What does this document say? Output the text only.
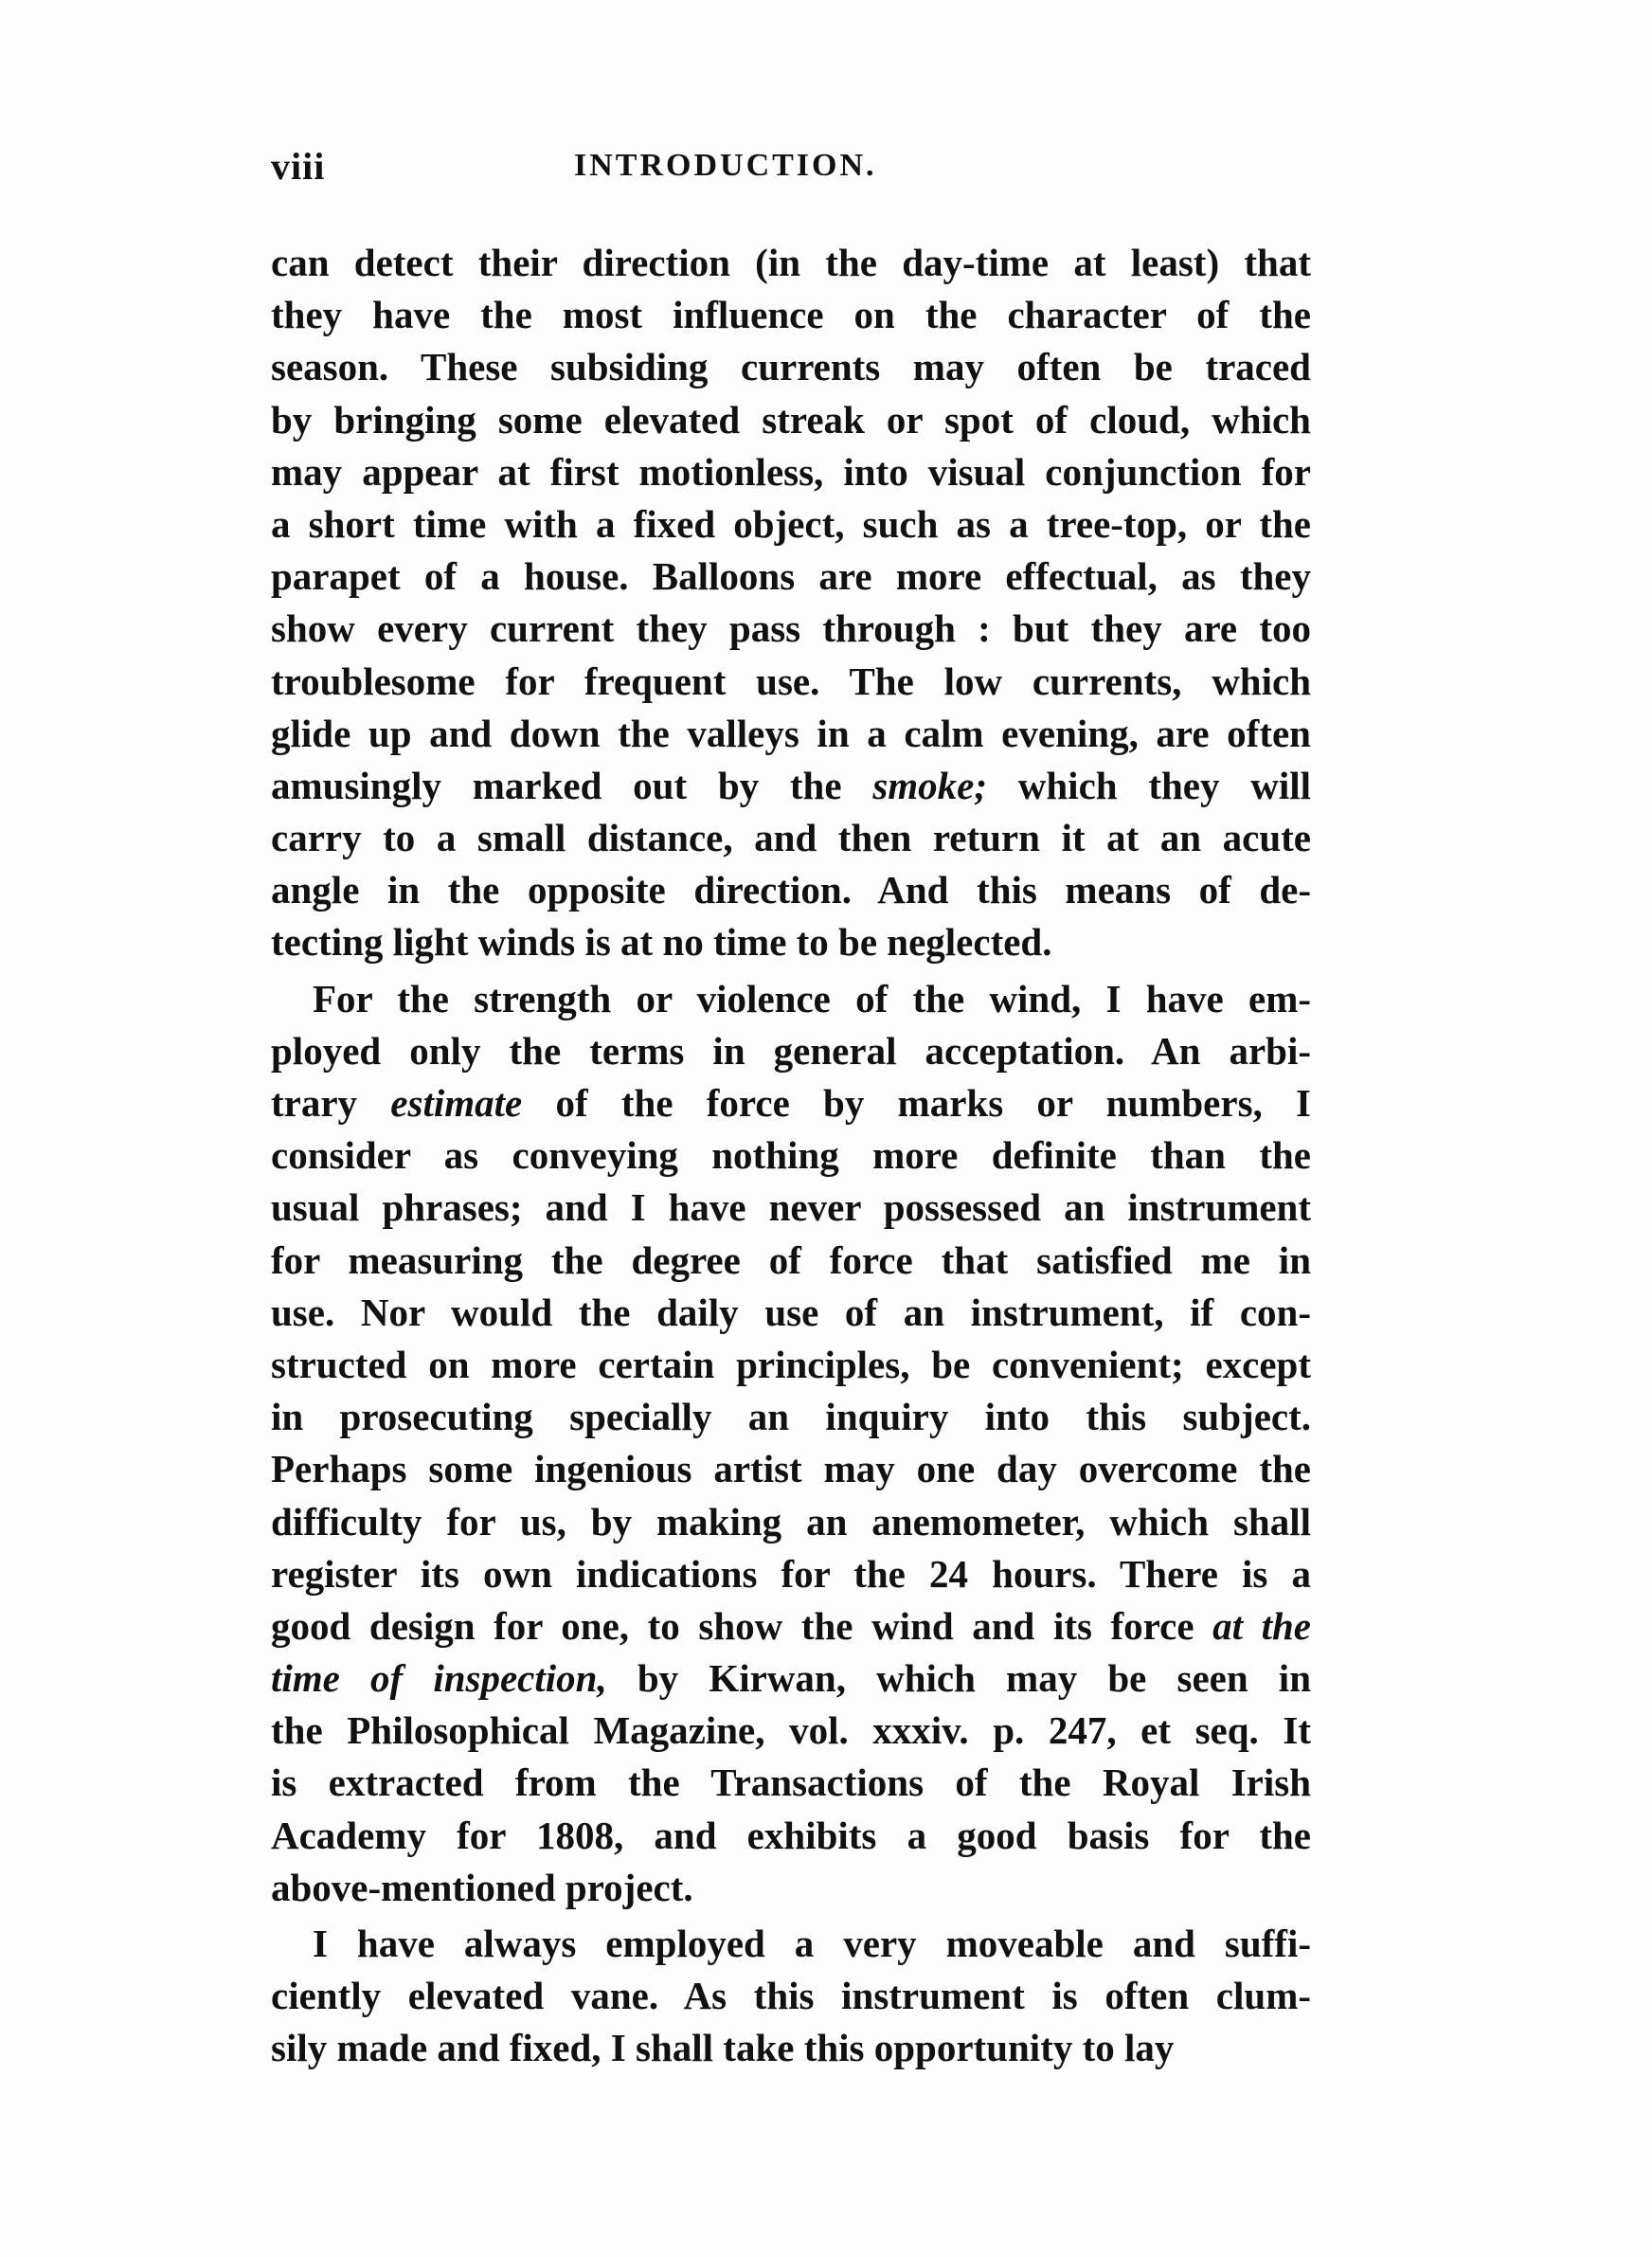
viii	INTRODUCTION.
can detect their direction (in the day-time at least) that
they have the most influence on the character of the
season. These subsiding currents may often be traced
by bringing some elevated streak or spot of cloud, which
may appear at first motionless, into visual conjunction for
a short time with a fixed object, such as a tree-top, or the
parapet of a house. Balloons are more effectual, as they
show every current they pass through : but they are too
troublesome for frequent use. The low currents, which
glide up and down the valleys in a calm evening, are often
amusingly marked out by the smoke; which they will
carry to a small distance, and then return it at an acute
angle in the opposite direction. And this means of de-
tecting light winds is at no time to be neglected.
For the strength or violence of the wind, I have em-
ployed only the terms in general acceptation. An arbi-
trary estimate of the force by marks or numbers, I
consider as conveying nothing more definite than the
usual phrases; and I have never possessed an instrument
for measuring the degree of force that satisfied me in
use. Nor would the daily use of an instrument, if con-
structed on more certain principles, be convenient; except
in prosecuting specially an inquiry into this subject.
Perhaps some ingenious artist may one day overcome the
difficulty for us, by making an anemometer, which shall
register its own indications for the 24 hours. There is a
good design for one, to show the wind and its force at the
time of inspection, by Kirwan, which may be seen in
the Philosophical Magazine, vol. xxxiv. p. 247, et seq. It
is extracted from the Transactions of the Royal Irish
Academy for 1808, and exhibits a good basis for the
above-mentioned project.
I have always employed a very moveable and suffi-
ciently elevated vane. As this instrument is often clum-
sily made and fixed, I shall take this opportunity to lay
